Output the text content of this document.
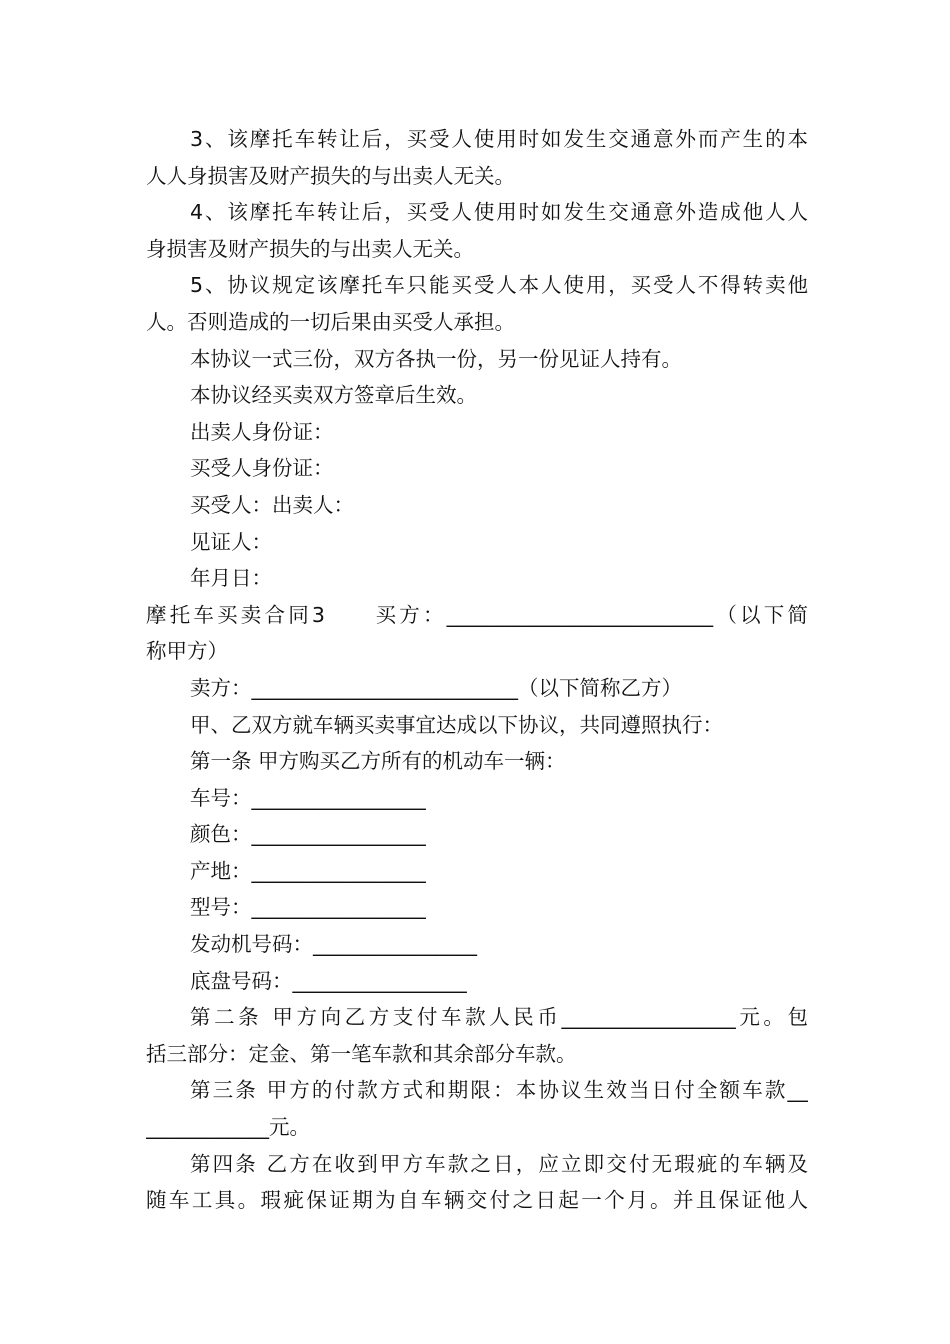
3、该摩托车转让后，买受人使用时如发生交通意外而产生的本
人人身损害及财产损失的与出卖人无关。
4、该摩托车转让后，买受人使用时如发生交通意外造成他人人
身损害及财产损失的与出卖人无关。
5、协议规定该摩托车只能买受人本人使用，买受人不得转卖他
人。否则造成的一切后果由买受人承担。
本协议一式三份，双方各执一份，另一份见证人持有。
本协议经买卖双方签章后生效。
出卖人身份证：
买受人身份证：
买受人：出卖人：
见证人：
年月日：
摩托车买卖合同3　　买方：__________________________（以下简
称甲方）
卖方：__________________________（以下简称乙方）
甲、乙双方就车辆买卖事宜达成以下协议，共同遵照执行：
第一条 甲方购买乙方所有的机动车一辆：
车号：_________________
颜色：_________________
产地：_________________
型号：_________________
发动机号码：________________
底盘号码：_________________
第二条 甲方向乙方支付车款人民币_________________元。包
括三部分：定金、第一笔车款和其余部分车款。
第三条 甲方的付款方式和期限：本协议生效当日付全额车款__
____________元。
第四条 乙方在收到甲方车款之日，应立即交付无瑕疵的车辆及
随车工具。瑕疵保证期为自车辆交付之日起一个月。并且保证他人
